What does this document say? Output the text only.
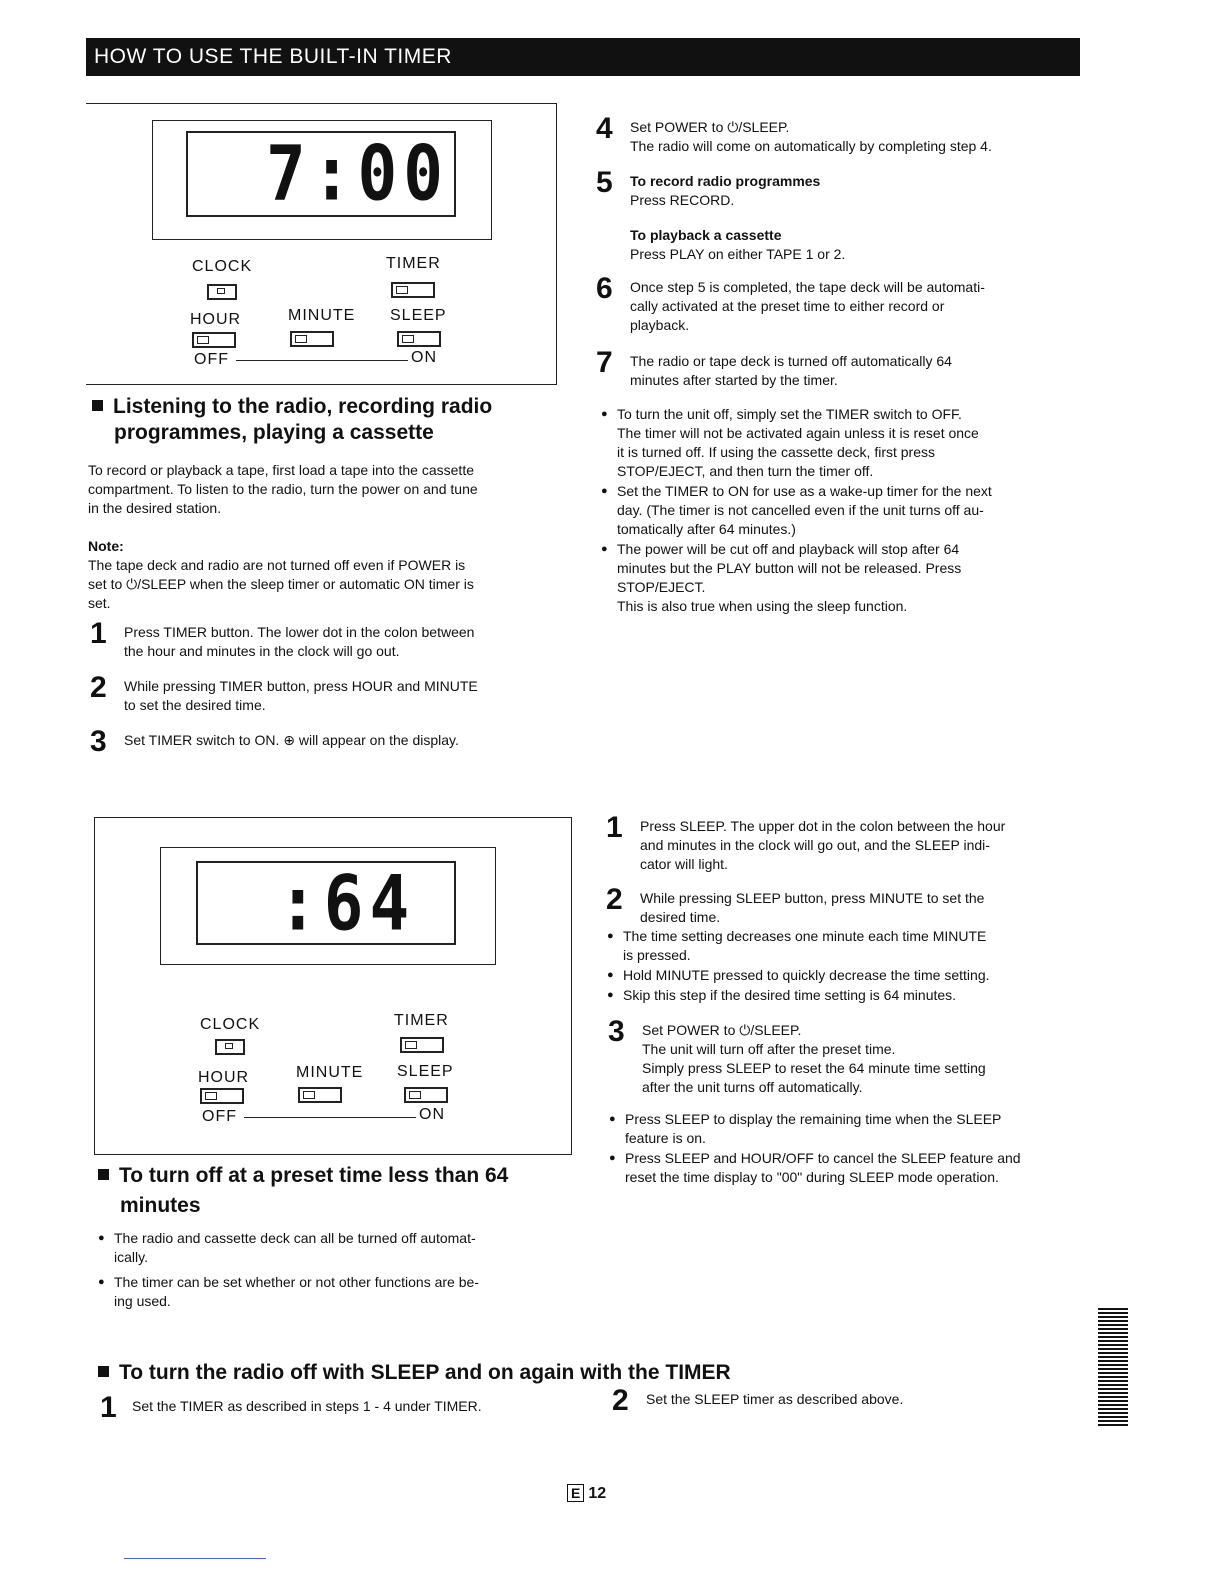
HOW TO USE THE BUILT-IN TIMER
7:00
CLOCK	TIMER
HOUR	MINUTE SLEEP
OFF	ON
Listening to the radio, recording radio
programmes, playing a cassette
To record or playback a tape, first load a tape into the cassette
compartment. To listen to the radio, turn the power on and tune
in the desired station.
Note:
The tape deck and radio are not turned off even if POWER is
set to ⏻/SLEEP when the sleep timer or automatic ON timer is
set.
1 Press TIMER button. The lower dot in the colon between
the hour and minutes in the clock will go out.
2 While pressing TIMER button, press HOUR and MINUTE
to set the desired time.
3 Set TIMER switch to ON. ⊕ will appear on the display.
4 Set POWER to ⏻/SLEEP.
The radio will come on automatically by completing step 4.
5 To record radio programmes
Press RECORD.
To playback a cassette
Press PLAY on either TAPE 1 or 2.
6 Once step 5 is completed, the tape deck will be automati-
cally activated at the preset time to either record or
playback.
7 The radio or tape deck is turned off automatically 64
minutes after started by the timer.
● To turn the unit off, simply set the TIMER switch to OFF.
The timer will not be activated again unless it is reset once
it is turned off. If using the cassette deck, first press
STOP/EJECT, and then turn the timer off.
● Set the TIMER to ON for use as a wake-up timer for the next
day. (The timer is not cancelled even if the unit turns off au-
tomatically after 64 minutes.)
● The power will be cut off and playback will stop after 64
minutes but the PLAY button will not be released. Press
STOP/EJECT.
This is also true when using the sleep function.
:64
CLOCK	TIMER
HOUR	MINUTE SLEEP
OFF	ON
To turn off at a preset time less than 64
minutes
● The radio and cassette deck can all be turned off automat-
ically.
● The timer can be set whether or not other functions are be-
ing used.
1 Press SLEEP. The upper dot in the colon between the hour
and minutes in the clock will go out, and the SLEEP indi-
cator will light.
2 While pressing SLEEP button, press MINUTE to set the
desired time.
● The time setting decreases one minute each time MINUTE
is pressed.
● Hold MINUTE pressed to quickly decrease the time setting.
● Skip this step if the desired time setting is 64 minutes.
3 Set POWER to ⏻/SLEEP.
The unit will turn off after the preset time.
Simply press SLEEP to reset the 64 minute time setting
after the unit turns off automatically.
● Press SLEEP to display the remaining time when the SLEEP
feature is on.
● Press SLEEP and HOUR/OFF to cancel the SLEEP feature and
reset the time display to "00" during SLEEP mode operation.
To turn the radio off with SLEEP and on again with the TIMER
1 Set the TIMER as described in steps 1 - 4 under TIMER.	2 Set the SLEEP timer as described above.
E 12
